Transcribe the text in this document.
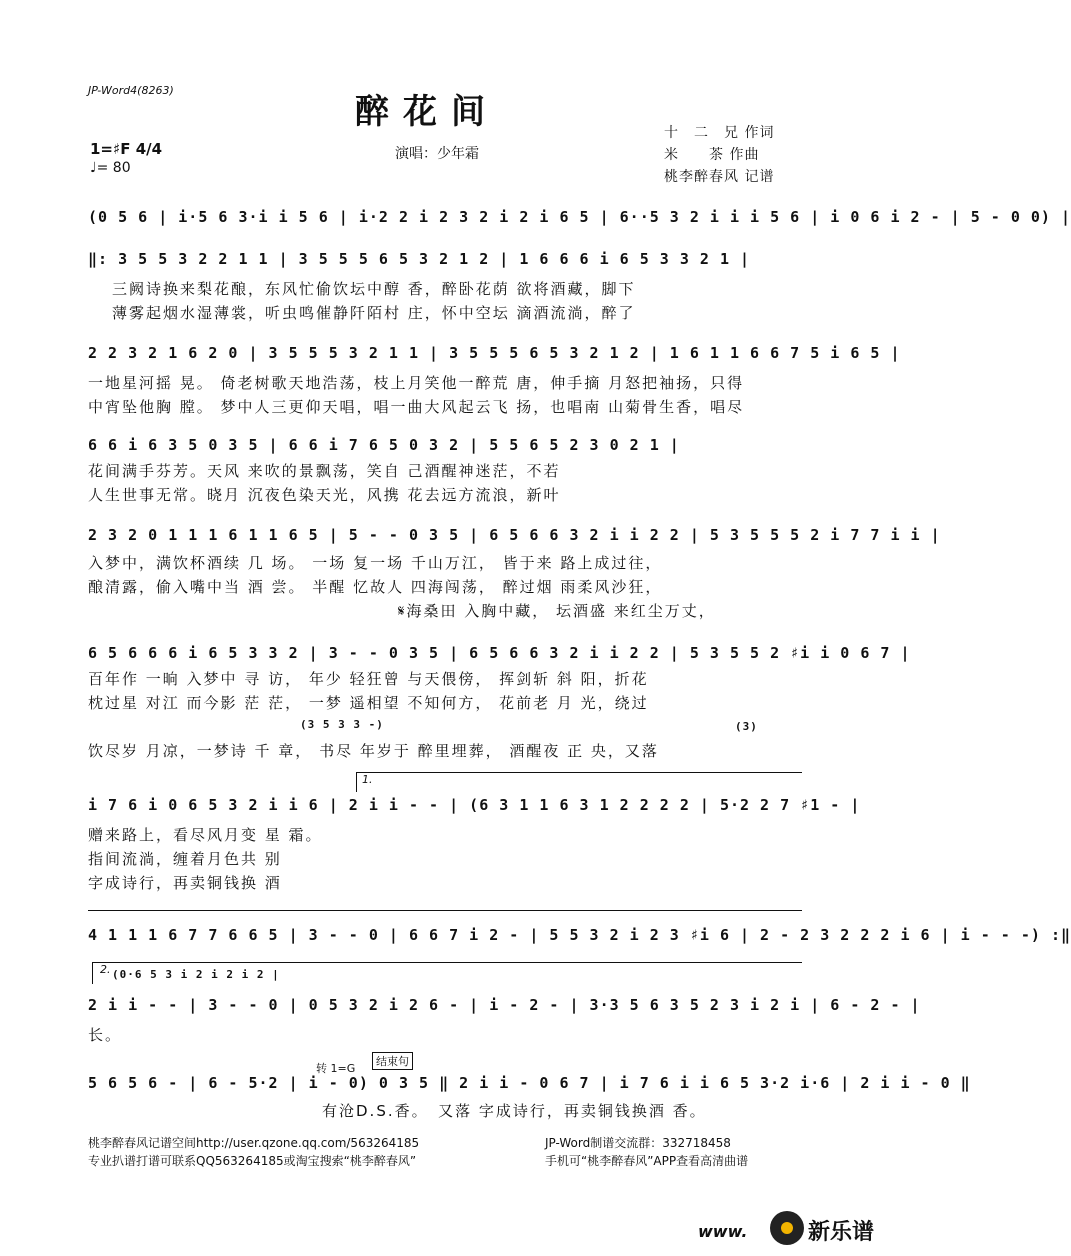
JP-Word4(8263)
醉花间
1=♯F 4/4
♩= 80
演唱：少年霜
十　二　兄 作词
米　　茶 作曲
桃李醉春风 记谱
(0 5 6 | i·5 6 3·i i 5 6 | i·2 2 i 2 3 2 i 2 i 6 5 | 6··5 3 2 i i i 5 6 | i 0 6 i 2 - | 5 - 0 0) |
‖: 3 5 5 3 2 2 1 1 | 3 5 5 5 6 5 3 2 1 2 | 1 6 6 6 i 6 5 3 3 2 1 |
三阙诗换来梨花酿，东风忙偷饮坛中醇 香，醉卧花荫 欲将酒藏，脚下
薄雾起烟水湿薄裳，听虫鸣催静阡陌村 庄，怀中空坛 滴酒流淌，醉了
2 2 3 2 1 6 2 0 | 3 5 5 5 3 2 1 1 | 3 5 5 5 6 5 3 2 1 2 | 1 6 1 1 6 6 7 5 i 6 5 |
一地星河摇 晃。 倚老树歌天地浩荡，枝上月笑他一醉荒 唐，伸手摘 月怒把袖扬，只得
中宵坠他胸 膛。 梦中人三更仰天唱，唱一曲大风起云飞 扬，也唱南 山菊骨生香，唱尽
6 6 i 6 3 5 0 3 5 | 6 6 i 7 6 5 0 3 2 | 5 5 6 5 2 3 0 2 1 |
花间满手芬芳。天风 来吹的景飘荡，笑自 己酒醒神迷茫，不若
人生世事无常。晓月 沉夜色染天光，风携 花去远方流浪，新叶
2 3 2 0 1 1 1 6 1 1 6 5 | 5 - - 0 3 5 | 6 5 6 6 3 2 i i 2 2 | 5 3 5 5 5 2 i 7 7 i i |
入梦中，满饮杯酒续 几 场。 一场 复一场 千山万江， 皆于来 路上成过往，
酿清露，偷入嘴中当 酒 尝。 半醒 忆故人 四海闯荡， 醉过烟 雨柔风沙狂，
𝄋海桑田 入胸中藏， 坛酒盛 来红尘万丈，
6 5 6 6 6 i 6 5 3 3 2 | 3 - - 0 3 5 | 6 5 6 6 3 2 i i 2 2 | 5 3 5 5 2 ♯i i 0 6 7 |
百年作 一晌 入梦中 寻 访， 年少 轻狂曾 与天偎傍， 挥剑斩 斜 阳，折花
枕过星 对江 而今影 茫 茫， 一梦 遥相望 不知何方， 花前老 月 光，绕过
(3 5 3 3 -)	(3)
饮尽岁 月凉，一梦诗 千 章， 书尽 年岁于 醉里埋葬， 酒醒夜 正 央，又落
1.
i 7 6 i 0 6 5 3 2 i i 6 | 2 i i - - | (6 3 1 1 6 3 1 2 2 2 2 | 5·2 2 7 ♯1 - |
赠来路上，看尽风月变 星 霜。
指间流淌，缠着月色共 别
字成诗行，再卖铜钱换 酒
4 1 1 1 6 7 7 6 6 5 | 3 - - 0 | 6 6 7 i 2 - | 5 5 3 2 i 2 3 ♯i 6 | 2 - 2 3 2 2 2 i 6 | i - - -) :‖
2. (0·6 5 3 i 2 i 2 i 2 |
2 i i - - | 3 - - 0 | 0 5 3 2 i 2 6 - | i - 2 - | 3·3 5 6 3 5 2 3 i 2 i | 6 - 2 - |
长。
转 1=G
结束句
5 6 5 6 - | 6 - 5·2 | i - 0) 0 3 5 ‖ 2 i i - 0 6 7 | i 7 6 i i 6 5 3·2 i·6 | 2 i i - 0 ‖
有沧D.S.香。　又落 字成诗行，再卖铜钱换酒 香。
桃李醉春风记谱空间http://user.qzone.qq.com/563264185
专业扒谱打谱可联系QQ563264185或淘宝搜索“桃李醉春风”
JP-Word制谱交流群：332718458
手机可“桃李醉春风”APP查看高清曲谱
www.	新乐谱
